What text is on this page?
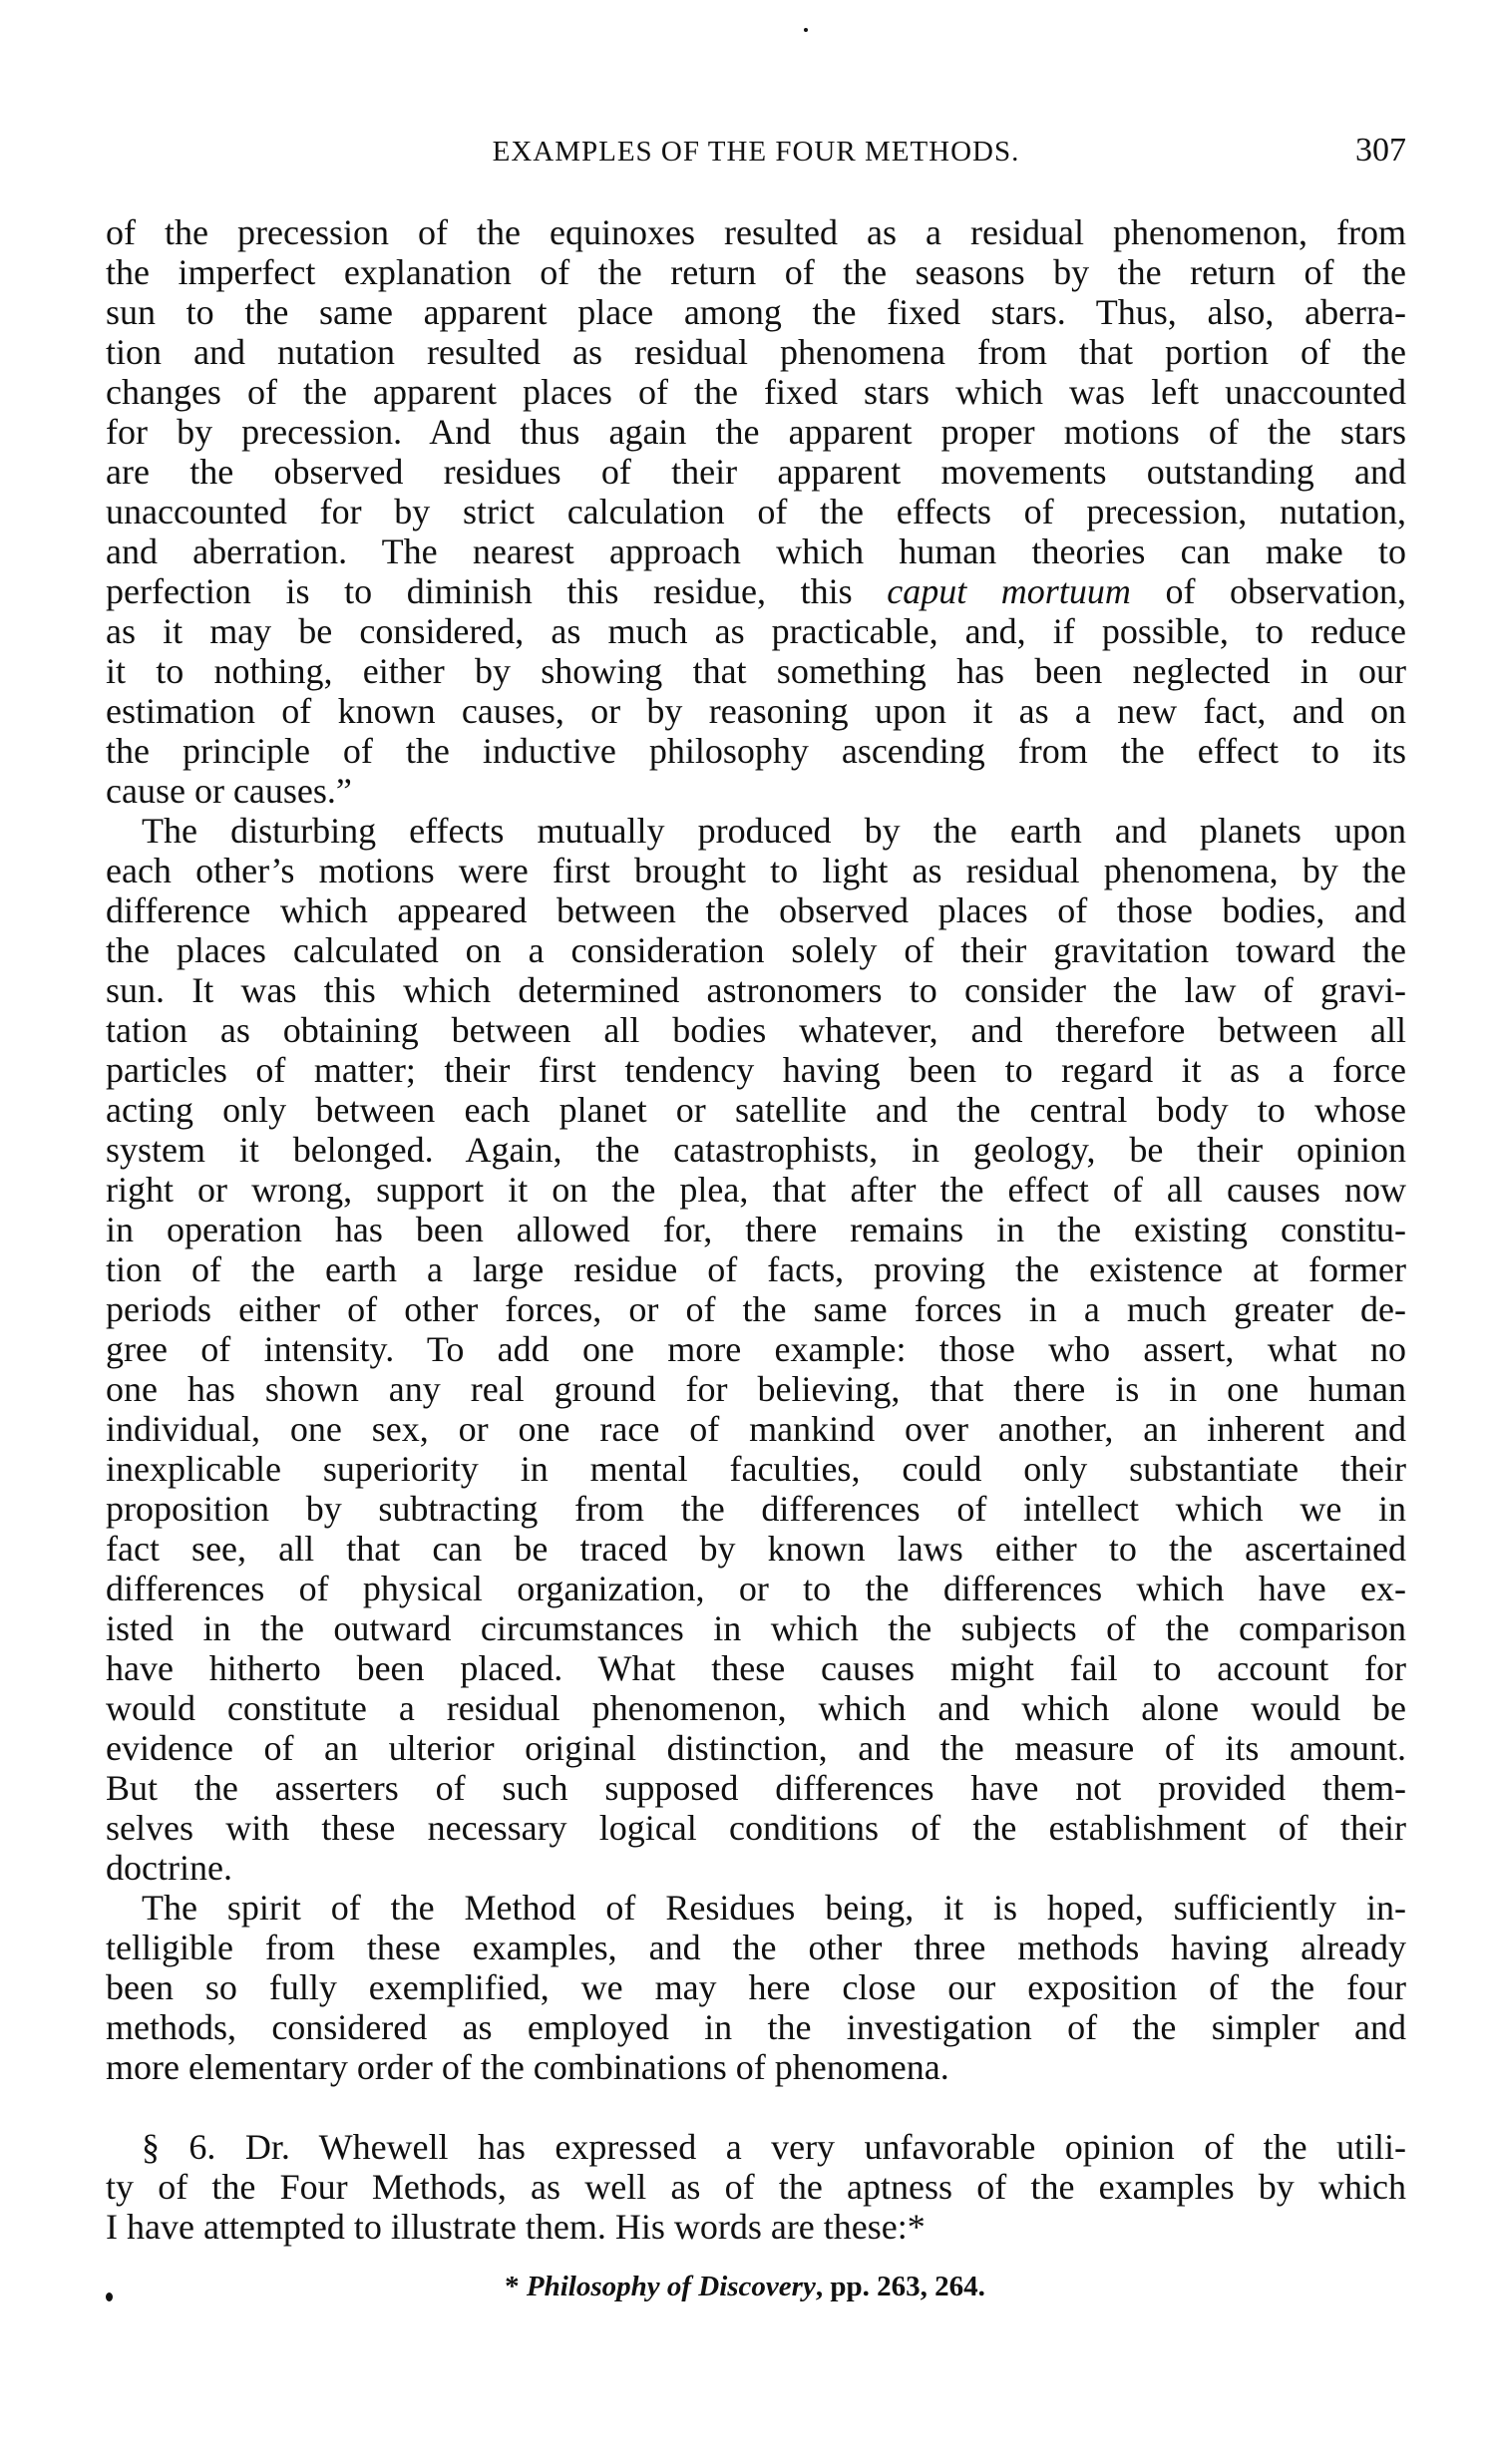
EXAMPLES OF THE FOUR METHODS.	307
of the precession of the equinoxes resulted as a residual phenomenon, from
the imperfect explanation of the return of the seasons by the return of the
sun to the same apparent place among the fixed stars. Thus, also, aberra-
tion and nutation resulted as residual phenomena from that portion of the
changes of the apparent places of the fixed stars which was left unaccounted
for by precession. And thus again the apparent proper motions of the stars
are the observed residues of their apparent movements outstanding and
unaccounted for by strict calculation of the effects of precession, nutation,
and aberration. The nearest approach which human theories can make to
perfection is to diminish this residue, this caput mortuum of observation,
as it may be considered, as much as practicable, and, if possible, to reduce
it to nothing, either by showing that something has been neglected in our
estimation of known causes, or by reasoning upon it as a new fact, and on
the principle of the inductive philosophy ascending from the effect to its
cause or causes.”
The disturbing effects mutually produced by the earth and planets upon
each other’s motions were first brought to light as residual phenomena, by the
difference which appeared between the observed places of those bodies, and
the places calculated on a consideration solely of their gravitation toward the
sun. It was this which determined astronomers to consider the law of gravi-
tation as obtaining between all bodies whatever, and therefore between all
particles of matter; their first tendency having been to regard it as a force
acting only between each planet or satellite and the central body to whose
system it belonged. Again, the catastrophists, in geology, be their opinion
right or wrong, support it on the plea, that after the effect of all causes now
in operation has been allowed for, there remains in the existing constitu-
tion of the earth a large residue of facts, proving the existence at former
periods either of other forces, or of the same forces in a much greater de-
gree of intensity. To add one more example: those who assert, what no
one has shown any real ground for believing, that there is in one human
individual, one sex, or one race of mankind over another, an inherent and
inexplicable superiority in mental faculties, could only substantiate their
proposition by subtracting from the differences of intellect which we in
fact see, all that can be traced by known laws either to the ascertained
differences of physical organization, or to the differences which have ex-
isted in the outward circumstances in which the subjects of the comparison
have hitherto been placed. What these causes might fail to account for
would constitute a residual phenomenon, which and which alone would be
evidence of an ulterior original distinction, and the measure of its amount.
But the asserters of such supposed differences have not provided them-
selves with these necessary logical conditions of the establishment of their
doctrine.
The spirit of the Method of Residues being, it is hoped, sufficiently in-
telligible from these examples, and the other three methods having already
been so fully exemplified, we may here close our exposition of the four
methods, considered as employed in the investigation of the simpler and
more elementary order of the combinations of phenomena.
§ 6. Dr. Whewell has expressed a very unfavorable opinion of the utili-
ty of the Four Methods, as well as of the aptness of the examples by which
I have attempted to illustrate them. His words are these:*
* Philosophy of Discovery, pp. 263, 264.
